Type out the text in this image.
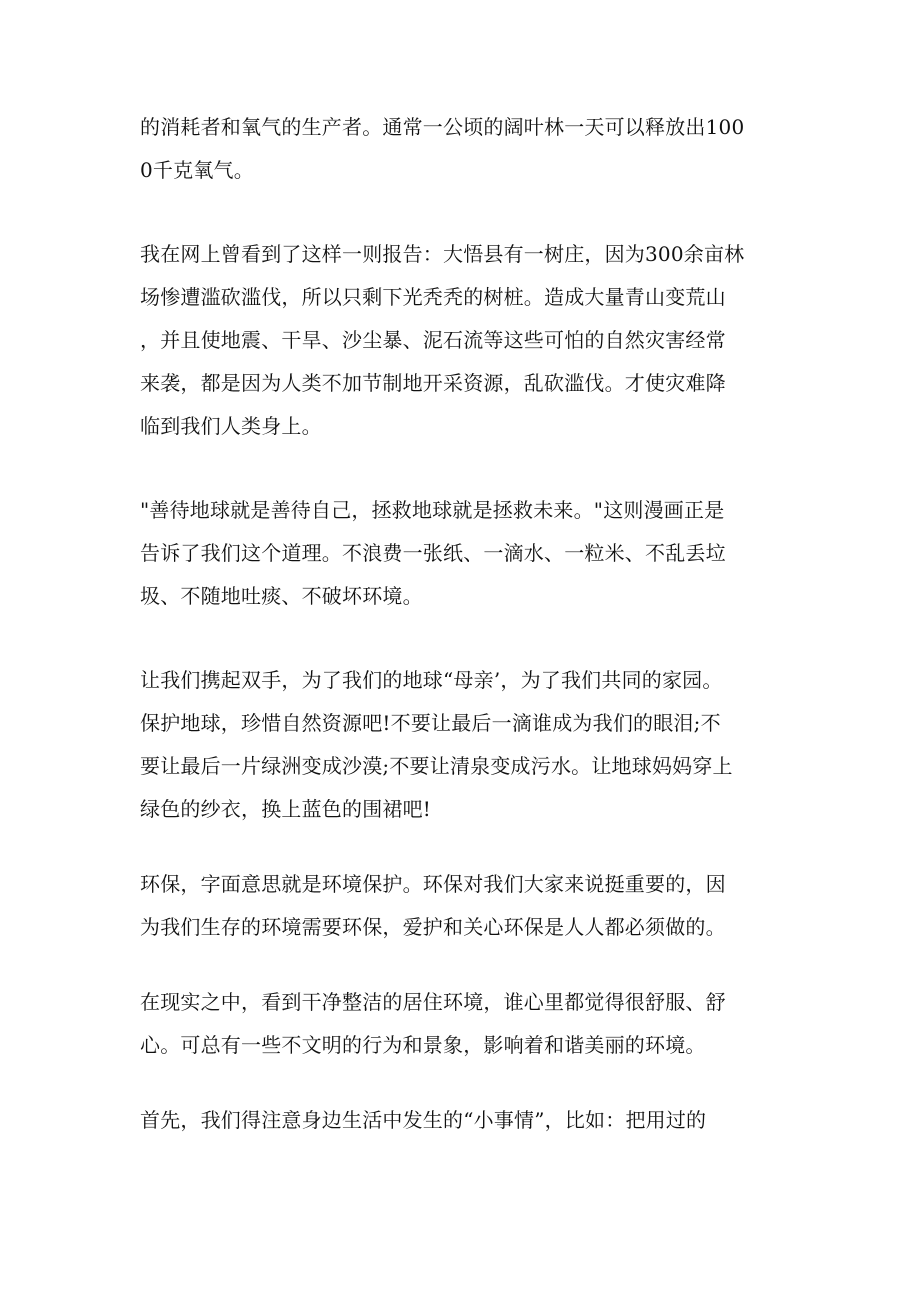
的消耗者和氧气的生产者。通常一公顷的阔叶林一天可以释放出100
0千克氧气。
我在网上曾看到了这样一则报告：大悟县有一树庄，因为300余亩林
场惨遭滥砍滥伐，所以只剩下光秃秃的树桩。造成大量青山变荒山
，并且使地震、干旱、沙尘暴、泥石流等这些可怕的自然灾害经常
来袭，都是因为人类不加节制地开采资源，乱砍滥伐。才使灾难降
临到我们人类身上。
"善待地球就是善待自己，拯救地球就是拯救未来。"这则漫画正是
告诉了我们这个道理。不浪费一张纸、一滴水、一粒米、不乱丢垃
圾、不随地吐痰、不破坏环境。
让我们携起双手，为了我们的地球“母亲’，为了我们共同的家园。
保护地球，珍惜自然资源吧!不要让最后一滴谁成为我们的眼泪;不
要让最后一片绿洲变成沙漠;不要让清泉变成污水。让地球妈妈穿上
绿色的纱衣，换上蓝色的围裙吧!
环保，字面意思就是环境保护。环保对我们大家来说挺重要的，因
为我们生存的环境需要环保，爱护和关心环保是人人都必须做的。
在现实之中，看到干净整洁的居住环境，谁心里都觉得很舒服、舒
心。可总有一些不文明的行为和景象，影响着和谐美丽的环境。
首先，我们得注意身边生活中发生的“小事情”，比如：把用过的
